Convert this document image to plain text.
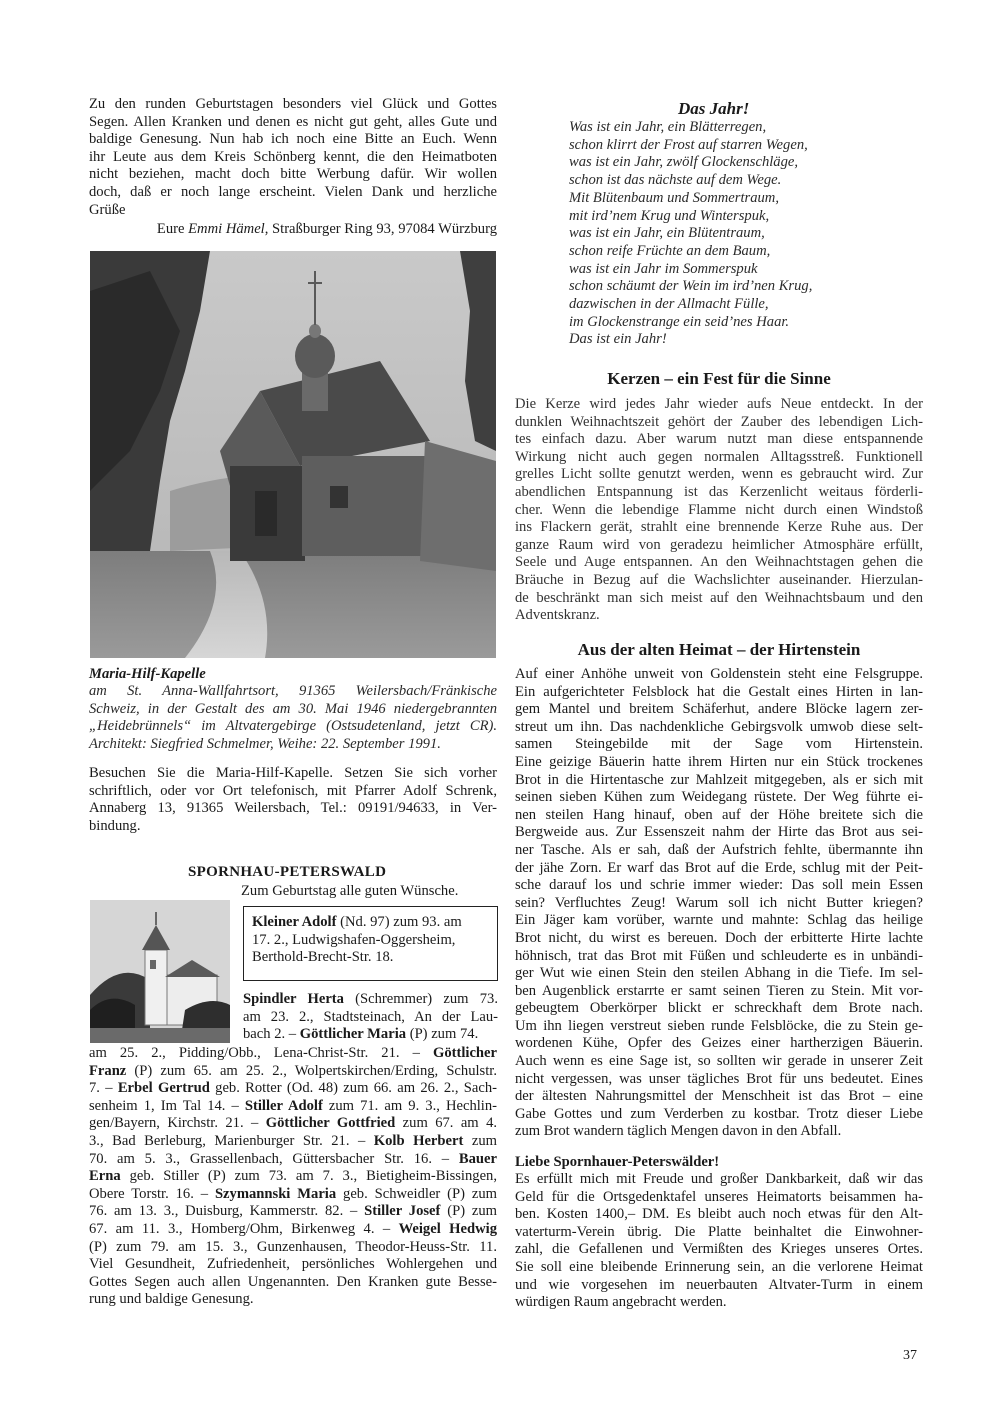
Zu den runden Geburtstagen besonders viel Glück und Gottes
Segen. Allen Kranken und denen es nicht gut geht, alles Gute und
baldige Genesung. Nun hab ich noch eine Bitte an Euch. Wenn
ihr Leute aus dem Kreis Schönberg kennt, die den Heimatboten
nicht beziehen, macht doch bitte Werbung dafür. Wir wollen
doch, daß er noch lange erscheint. Vielen Dank und herzliche
Grüße
Eure Emmi Hämel, Straßburger Ring 93, 97084 Würzburg
Maria-Hilf-Kapelle
am St. Anna-Wallfahrtsort, 91365 Weilersbach/Fränkische
Schweiz, in der Gestalt des am 30. Mai 1946 niedergebrannten
„Heidebrünnels“ im Altvatergebirge (Ostsudetenland, jetzt CR).
Architekt: Siegfried Schmelmer, Weihe: 22. September 1991.
Besuchen Sie die Maria-Hilf-Kapelle. Setzen Sie sich vorher
schriftlich, oder vor Ort telefonisch, mit Pfarrer Adolf Schrenk,
Annaberg 13, 91365 Weilersbach, Tel.: 09191/94633, in Ver-
bindung.
SPORNHAU-PETERSWALD
Zum Geburtstag alle guten Wünsche.
Kleiner Adolf (Nd. 97) zum 93. am
17. 2., Ludwigshafen-Oggersheim,
Berthold-Brecht-Str. 18.
Spindler Herta (Schremmer) zum 73.
am 23. 2., Stadtsteinach, An der Lau-
bach 2. – Göttlicher Maria (P) zum 74.
am 25. 2., Pidding/Obb., Lena-Christ-Str. 21. – Göttlicher
Franz (P) zum 65. am 25. 2., Wolpertskirchen/Erding, Schulstr.
7. – Erbel Gertrud geb. Rotter (Od. 48) zum 66. am 26. 2., Sach-
senheim 1, Im Tal 14. – Stiller Adolf zum 71. am 9. 3., Hechlin-
gen/Bayern, Kirchstr. 21. – Göttlicher Gottfried zum 67. am 4.
3., Bad Berleburg, Marienburger Str. 21. – Kolb Herbert zum
70. am 5. 3., Grassellenbach, Güttersbacher Str. 16. – Bauer
Erna geb. Stiller (P) zum 73. am 7. 3., Bietigheim-Bissingen,
Obere Torstr. 16. – Szymannski Maria geb. Schweidler (P) zum
76. am 13. 3., Duisburg, Kammerstr. 82. – Stiller Josef (P) zum
67. am 11. 3., Homberg/Ohm, Birkenweg 4. – Weigel Hedwig
(P) zum 79. am 15. 3., Gunzenhausen, Theodor-Heuss-Str. 11.
Viel Gesundheit, Zufriedenheit, persönliches Wohlergehen und
Gottes Segen auch allen Ungenannten. Den Kranken gute Besse-
rung und baldige Genesung.
Das Jahr!
Was ist ein Jahr, ein Blätterregen,
schon klirrt der Frost auf starren Wegen,
was ist ein Jahr, zwölf Glockenschläge,
schon ist das nächste auf dem Wege.
Mit Blütenbaum und Sommertraum,
mit ird’nem Krug und Winterspuk,
was ist ein Jahr, ein Blütentraum,
schon reife Früchte an dem Baum,
was ist ein Jahr im Sommerspuk
schon schäumt der Wein im ird’nen Krug,
dazwischen in der Allmacht Fülle,
im Glockenstrange ein seid’nes Haar.
Das ist ein Jahr!
Kerzen – ein Fest für die Sinne
Die Kerze wird jedes Jahr wieder aufs Neue entdeckt. In der
dunklen Weihnachtszeit gehört der Zauber des lebendigen Lich-
tes einfach dazu. Aber warum nutzt man diese entspannende
Wirkung nicht auch gegen normalen Alltagsstreß. Funktionell
grelles Licht sollte genutzt werden, wenn es gebraucht wird. Zur
abendlichen Entspannung ist das Kerzenlicht weitaus förderli-
cher. Wenn die lebendige Flamme nicht durch einen Windstoß
ins Flackern gerät, strahlt eine brennende Kerze Ruhe aus. Der
ganze Raum wird von geradezu heimlicher Atmosphäre erfüllt,
Seele und Auge entspannen. An den Weihnachtstagen gehen die
Bräuche in Bezug auf die Wachslichter auseinander. Hierzulan-
de beschränkt man sich meist auf den Weihnachtsbaum und den
Adventskranz.
Aus der alten Heimat – der Hirtenstein
Auf einer Anhöhe unweit von Goldenstein steht eine Felsgruppe.
Ein aufgerichteter Felsblock hat die Gestalt eines Hirten in lan-
gem Mantel und breitem Schäferhut, andere Blöcke lagern zer-
streut um ihn. Das nachdenkliche Gebirgsvolk umwob diese selt-
samen Steingebilde mit der Sage vom Hirtenstein.
Eine geizige Bäuerin hatte ihrem Hirten nur ein Stück trockenes
Brot in die Hirtentasche zur Mahlzeit mitgegeben, als er sich mit
seinen sieben Kühen zum Weidegang rüstete. Der Weg führte ei-
nen steilen Hang hinauf, oben auf der Höhe breitete sich die
Bergweide aus. Zur Essenszeit nahm der Hirte das Brot aus sei-
ner Tasche. Als er sah, daß der Aufstrich fehlte, übermannte ihn
der jähe Zorn. Er warf das Brot auf die Erde, schlug mit der Peit-
sche darauf los und schrie immer wieder: Das soll mein Essen
sein? Verfluchtes Zeug! Warum soll ich nicht Butter kriegen?
Ein Jäger kam vorüber, warnte und mahnte: Schlag das heilige
Brot nicht, du wirst es bereuen. Doch der erbitterte Hirte lachte
höhnisch, trat das Brot mit Füßen und schleuderte es in unbändi-
ger Wut wie einen Stein den steilen Abhang in die Tiefe. Im sel-
ben Augenblick erstarrte er samt seinen Tieren zu Stein. Mit vor-
gebeugtem Oberkörper blickt er schreckhaft dem Brote nach.
Um ihn liegen verstreut sieben runde Felsblöcke, die zu Stein ge-
wordenen Kühe, Opfer des Geizes einer hartherzigen Bäuerin.
Auch wenn es eine Sage ist, so sollten wir gerade in unserer Zeit
nicht vergessen, was unser tägliches Brot für uns bedeutet. Eines
der ältesten Nahrungsmittel der Menschheit ist das Brot – eine
Gabe Gottes und zum Verderben zu kostbar. Trotz dieser Liebe
zum Brot wandern täglich Mengen davon in den Abfall.
Liebe Spornhauer-Peterswälder!
Es erfüllt mich mit Freude und großer Dankbarkeit, daß wir das
Geld für die Ortsgedenktafel unseres Heimatorts beisammen ha-
ben. Kosten 1400,– DM. Es bleibt auch noch etwas für den Alt-
vaterturm-Verein übrig. Die Platte beinhaltet die Einwohner-
zahl, die Gefallenen und Vermißten des Krieges unseres Ortes.
Sie soll eine bleibende Erinnerung sein, an die verlorene Heimat
und wie vorgesehen im neuerbauten Altvater-Turm in einem
würdigen Raum angebracht werden.
37
